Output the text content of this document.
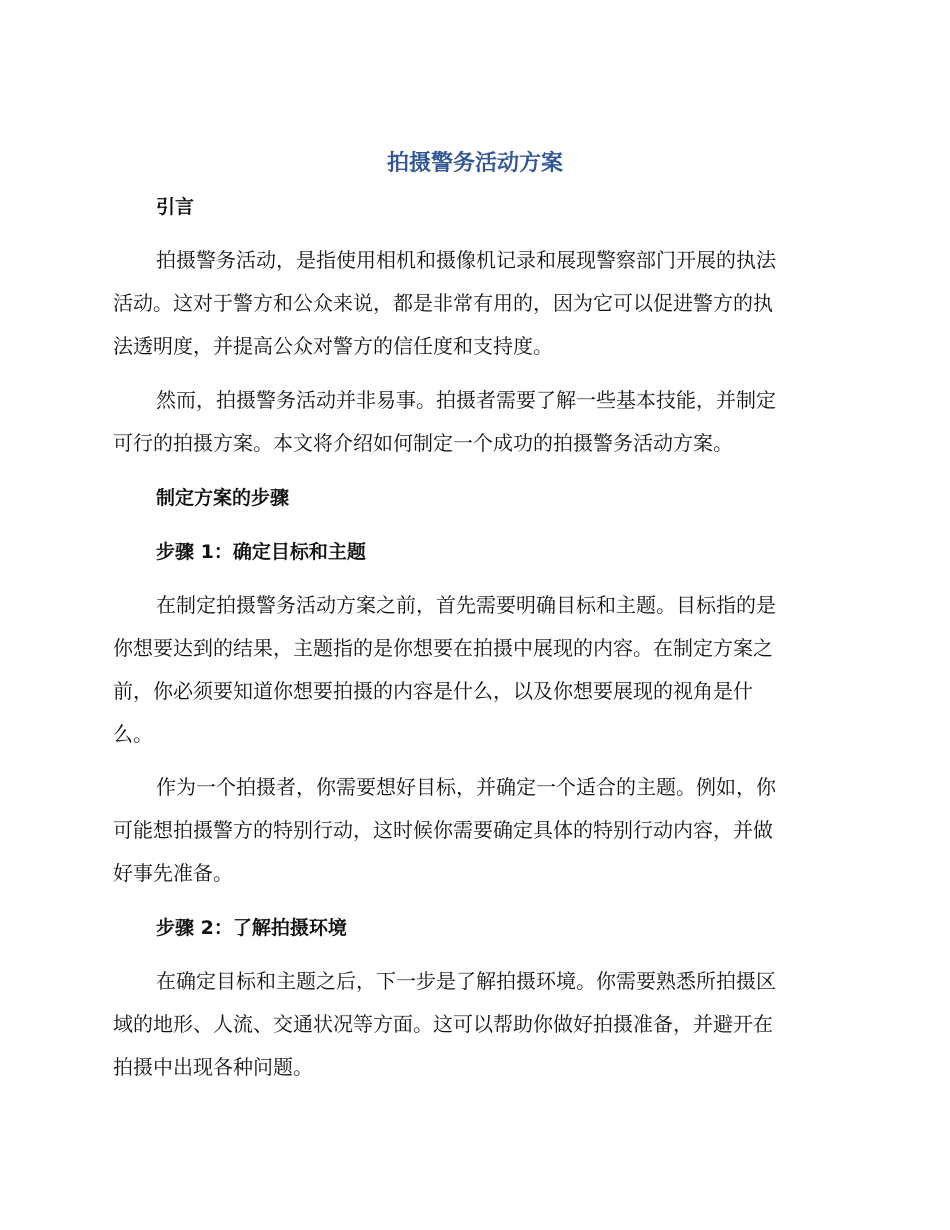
拍摄警务活动方案
引言
拍摄警务活动，是指使用相机和摄像机记录和展现警察部门开展的执法
活动。这对于警方和公众来说，都是非常有用的，因为它可以促进警方的执
法透明度，并提高公众对警方的信任度和支持度。
然而，拍摄警务活动并非易事。拍摄者需要了解一些基本技能，并制定
可行的拍摄方案。本文将介绍如何制定一个成功的拍摄警务活动方案。
制定方案的步骤
步骤 1：确定目标和主题
在制定拍摄警务活动方案之前，首先需要明确目标和主题。目标指的是
你想要达到的结果，主题指的是你想要在拍摄中展现的内容。在制定方案之
前，你必须要知道你想要拍摄的内容是什么，以及你想要展现的视角是什
么。
作为一个拍摄者，你需要想好目标，并确定一个适合的主题。例如，你
可能想拍摄警方的特别行动，这时候你需要确定具体的特别行动内容，并做
好事先准备。
步骤 2：了解拍摄环境
在确定目标和主题之后，下一步是了解拍摄环境。你需要熟悉所拍摄区
域的地形、人流、交通状况等方面。这可以帮助你做好拍摄准备，并避开在
拍摄中出现各种问题。
